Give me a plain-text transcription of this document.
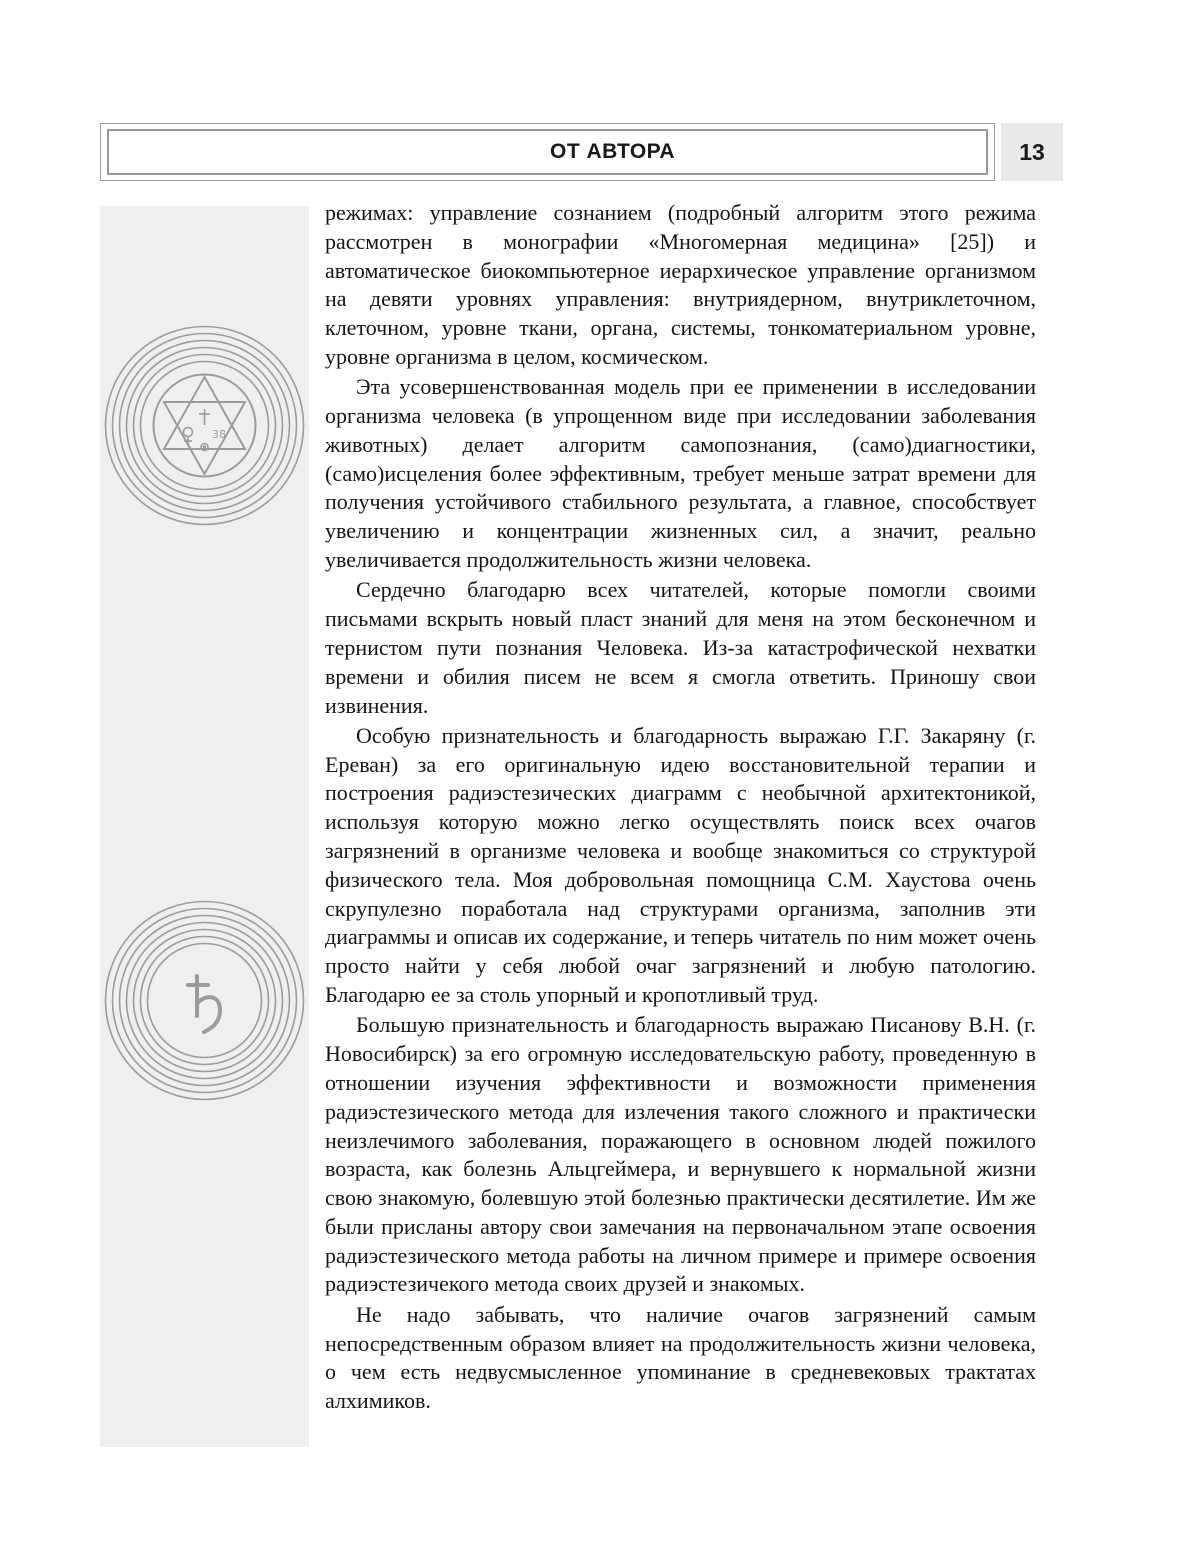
ОТ АВТОРА	13
38

режимах: управление сознанием (подробный алгоритм этого режима рассмотрен в монографии «Многомерная медицина» [25]) и автоматическое биокомпьютерное иерархическое управление организмом на девяти уровнях управления: внутриядерном, внутриклеточном, клеточном, уровне ткани, органа, системы, тонкоматериальном уровне, уровне организма в целом, космическом.

Эта усовершенствованная модель при ее применении в исследовании организма человека (в упрощенном виде при исследовании заболевания животных) делает алгоритм самопознания, (само)диагностики, (само)исцеления более эффективным, требует меньше затрат времени для получения устойчивого стабильного результата, а главное, способствует увеличению и концентрации жизненных сил, а значит, реально увеличивается продолжительность жизни человека.

Сердечно благодарю всех читателей, которые помогли своими письмами вскрыть новый пласт знаний для меня на этом бесконечном и тернистом пути познания Человека. Из-за катастрофической нехватки времени и обилия писем не всем я смогла ответить. Приношу свои извинения.

Особую признательность и благодарность выражаю Г.Г. Закаряну (г. Ереван) за его оригинальную идею восстановительной терапии и построения радиэстезических диаграмм с необычной архитектоникой, используя которую можно легко осуществлять поиск всех очагов загрязнений в организме человека и вообще знакомиться со структурой физического тела. Моя добровольная помощница С.М. Хаустова очень скрупулезно поработала над структурами организма, заполнив эти диаграммы и описав их содержание, и теперь читатель по ним может очень просто найти у себя любой очаг загрязнений и любую патологию. Благодарю ее за столь упорный и кропотливый труд.

Большую признательность и благодарность выражаю Писанову В.Н. (г. Новосибирск) за его огромную исследовательскую работу, проведенную в отношении изучения эффективности и возможности применения радиэстезического метода для излечения такого сложного и практически неизлечимого заболевания, поражающего в основном людей пожилого возраста, как болезнь Альцгеймера, и вернувшего к нормальной жизни свою знакомую, болевшую этой болезнью практически десятилетие. Им же были присланы автору свои замечания на первоначальном этапе освоения радиэстезического метода работы на личном примере и примере освоения радиэстезичекого метода своих друзей и знакомых.

Не надо забывать, что наличие очагов загрязнений самым непосредственным образом влияет на продолжительность жизни человека, о чем есть недвусмысленное упоминание в средневековых трактатах алхимиков.
